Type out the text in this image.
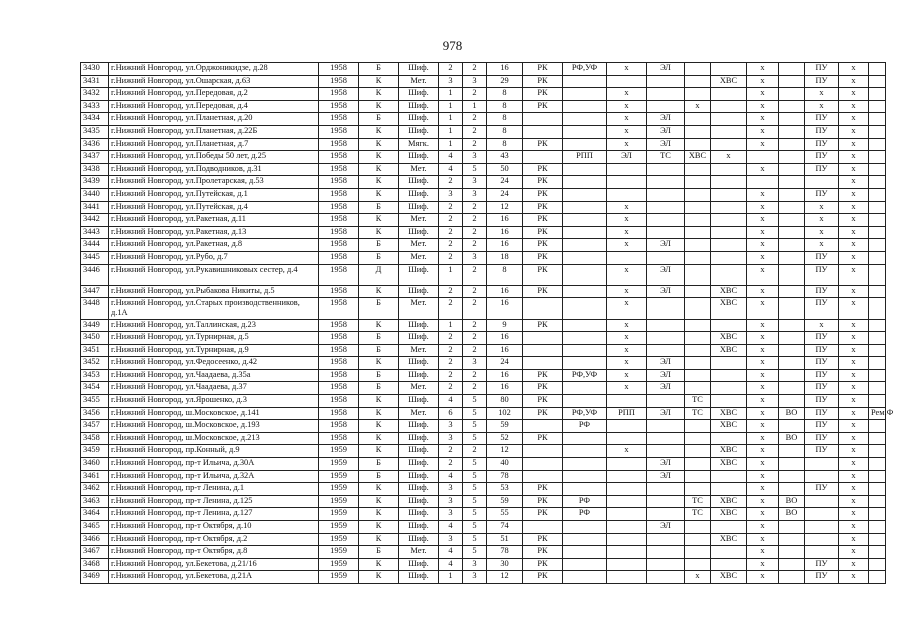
978
3430	г.Нижний Новгород, ул.Орджоникидзе, д.28	1958	Б	Шиф.	2	2	16	РК	РФ,УФ	х	ЭЛ			х		ПУ	х	
3431	г.Нижний Новгород, ул.Ошарская, д.63	1958	К	Мет.	3	3	29	РК					ХВС	х		ПУ	х	
3432	г.Нижний Новгород, ул.Передовая, д.2	1958	К	Шиф.	1	2	8	РК		х				х		х	х	
3433	г.Нижний Новгород, ул.Передовая, д.4	1958	К	Шиф.	1	1	8	РК		х		х		х		х	х	
3434	г.Нижний Новгород, ул.Планетная, д.20	1958	Б	Шиф.	1	2	8			х	ЭЛ			х		ПУ	х	
3435	г.Нижний Новгород, ул.Планетная, д.22Б	1958	К	Шиф.	1	2	8			х	ЭЛ			х		ПУ	х	
3436	г.Нижний Новгород, ул.Планетная, д.7	1958	К	Мягк.	1	2	8	РК		х	ЭЛ			х		ПУ	х	
3437	г.Нижний Новгород, ул.Победы 50 лет, д.25	1958	К	Шиф.	4	3	43		РПП	ЭЛ	ТС	ХВС	х			ПУ	х	
3438	г.Нижний Новгород, ул.Подводников, д.31	1958	К	Мет.	4	5	50	РК						х		ПУ	х	
3439	г.Нижний Новгород, ул.Пролетарская, д.53	1958	К	Шиф.	2	3	24	РК									х	
3440	г.Нижний Новгород, ул.Путейская, д.1	1958	К	Шиф.	3	3	24	РК						х		ПУ	х	
3441	г.Нижний Новгород, ул.Путейская, д.4	1958	Б	Шиф.	2	2	12	РК		х				х		х	х	
3442	г.Нижний Новгород, ул.Ракетная, д.11	1958	К	Мет.	2	2	16	РК		х				х		х	х	
3443	г.Нижний Новгород, ул.Ракетная, д.13	1958	К	Шиф.	2	2	16	РК		х				х		х	х	
3444	г.Нижний Новгород, ул.Ракетная, д.8	1958	Б	Мет.	2	2	16	РК		х	ЭЛ			х		х	х	
3445	г.Нижний Новгород, ул.Рубо, д.7	1958	Б	Мет.	2	3	18	РК						х		ПУ	х	
3446	г.Нижний Новгород, ул.Рукавишниковых сестер, д.4	1958	Д	Шиф.	1	2	8	РК		х	ЭЛ			х		ПУ	х	
3447	г.Нижний Новгород, ул.Рыбакова Никиты, д.5	1958	К	Шиф.	2	2	16	РК		х	ЭЛ		ХВС	х		ПУ	х	
3448	г.Нижний Новгород, ул.Старых производственников, д.1А	1958	Б	Мет.	2	2	16			х			ХВС	х		ПУ	х	
3449	г.Нижний Новгород, ул.Таллинская, д.23	1958	К	Шиф.	1	2	9	РК		х				х		х	х	
3450	г.Нижний Новгород, ул.Турнирная, д.5	1958	Б	Шиф.	2	2	16			х			ХВС	х		ПУ	х	
3451	г.Нижний Новгород, ул.Турнирная, д.9	1958	Б	Мет.	2	2	16			х			ХВС	х		ПУ	х	
3452	г.Нижний Новгород, ул.Федосеенко, д.42	1958	К	Шиф.	2	3	24			х	ЭЛ			х		ПУ	х	
3453	г.Нижний Новгород, ул.Чаадаева, д.35а	1958	Б	Шиф.	2	2	16	РК	РФ,УФ	х	ЭЛ			х		ПУ	х	
3454	г.Нижний Новгород, ул.Чаадаева, д.37	1958	Б	Мет.	2	2	16	РК		х	ЭЛ			х		ПУ	х	
3455	г.Нижний Новгород, ул.Ярошенко, д.3	1958	К	Шиф.	4	5	80	РК				ТС		х		ПУ	х	
3456	г.Нижний Новгород, ш.Московское, д.141	1958	К	Мет.	6	5	102	РК	РФ,УФ	РПП	ЭЛ	ТС	ХВС	х	ВО	ПУ	х	Рем.Ф
3457	г.Нижний Новгород, ш.Московское, д.193	1958	К	Шиф.	3	5	59		РФ				ХВС	х		ПУ	х	
3458	г.Нижний Новгород, ш.Московское, д.213	1958	К	Шиф.	3	5	52	РК						х	ВО	ПУ	х	
3459	г.Нижний Новгород, пр.Конный, д.9	1959	К	Шиф.	2	2	12			х			ХВС	х		ПУ	х	
3460	г.Нижний Новгород, пр-т Ильича, д.30А	1959	Б	Шиф.	2	5	40				ЭЛ		ХВС	х			х	
3461	г.Нижний Новгород, пр-т Ильича, д.32А	1959	Б	Шиф.	4	5	78				ЭЛ			х			х	
3462	г.Нижний Новгород, пр-т Ленина, д.1	1959	К	Шиф.	3	5	53	РК						х		ПУ	х	
3463	г.Нижний Новгород, пр-т Ленина, д.125	1959	К	Шиф.	3	5	59	РК	РФ			ТС	ХВС	х	ВО		х	
3464	г.Нижний Новгород, пр-т Ленина, д.127	1959	К	Шиф.	3	5	55	РК	РФ			ТС	ХВС	х	ВО		х	
3465	г.Нижний Новгород, пр-т Октября, д.10	1959	К	Шиф.	4	5	74				ЭЛ			х			х	
3466	г.Нижний Новгород, пр-т Октября, д.2	1959	К	Шиф.	3	5	51	РК					ХВС	х			х	
3467	г.Нижний Новгород, пр-т Октября, д.8	1959	Б	Мет.	4	5	78	РК						х			х	
3468	г.Нижний Новгород, ул.Бекетова, д.21/16	1959	К	Шиф.	4	3	30	РК						х		ПУ	х	
3469	г.Нижний Новгород, ул.Бекетова, д.21А	1959	К	Шиф.	1	3	12	РК				х	ХВС	х		ПУ	х	
